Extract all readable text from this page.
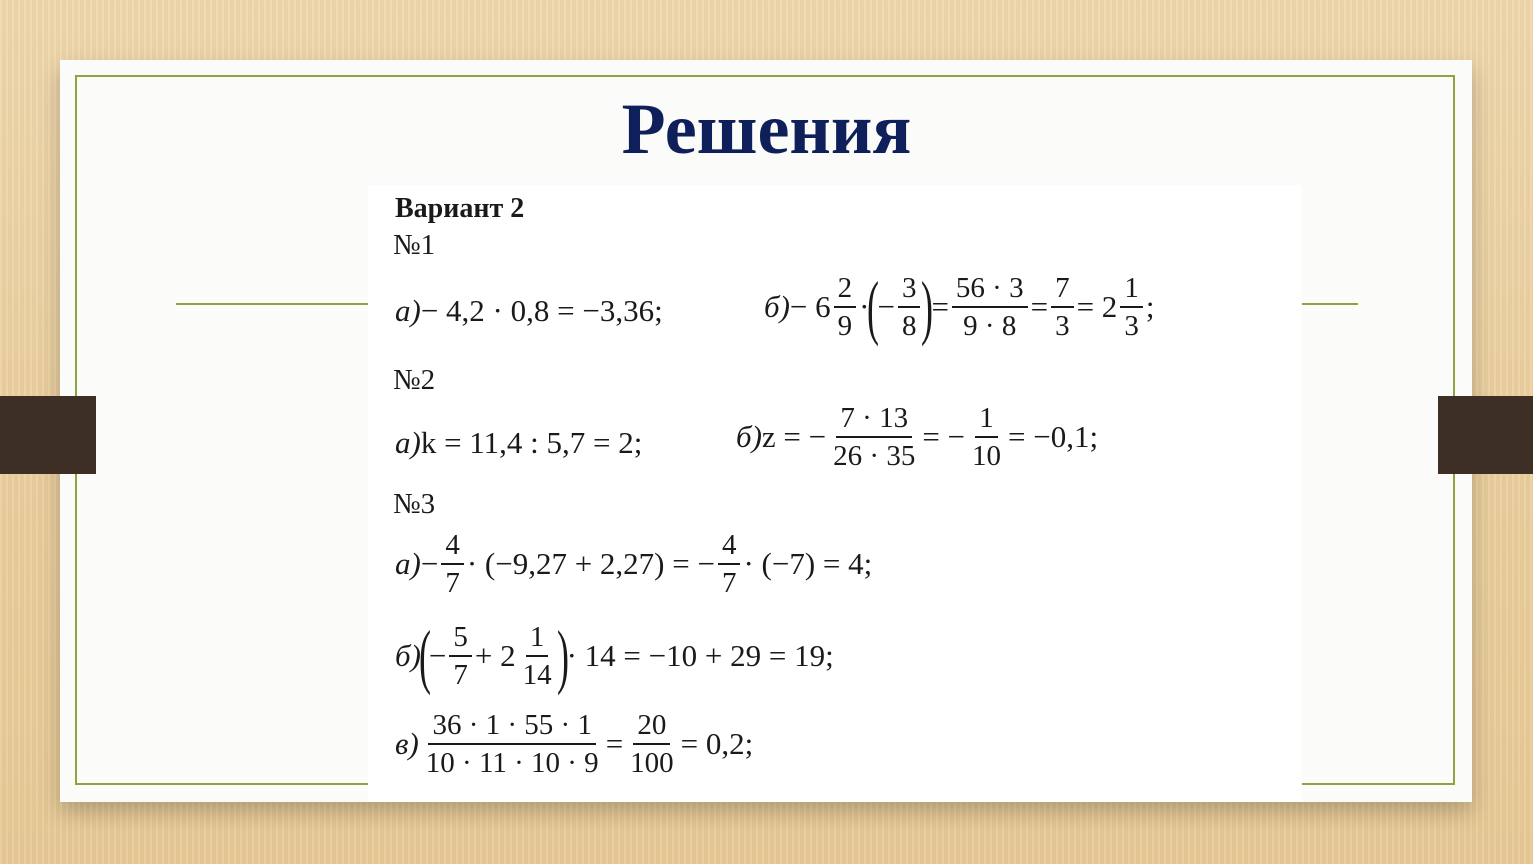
Решения
Вариант 2
№1
а) − 4,2 · 0,8 = −3,36;	$б) - 6 \frac{2}{9}$ ·
(
− $\frac{3}{8}$ )
= $\frac{56 \cdot 3}{9 \cdot 8} = \frac{7}{3} = 2 \frac{1}{3}$ ;
№2
а) k = 11,4 : 5,7 = 2;	б) z = − $\frac{7 \cdot 13}{26 \cdot 35}$ = − $\frac{1}{10} = -0,1$;
№3
$а) - \frac{4}{7} \cdot (-9,27 + 2,27)$ = − $\frac{4}{7} \cdot (-7) = 4$;
б)
(
− $\frac{5}{7} + 2 \frac{1}{14}$ )
· 14 = −10 + 29 = 19;
$в) \frac{36 \cdot 1 \cdot 55 \cdot 1}{10 \cdot 11 \cdot 10 \cdot 9} = \frac{20}{100} = 0,2$;
